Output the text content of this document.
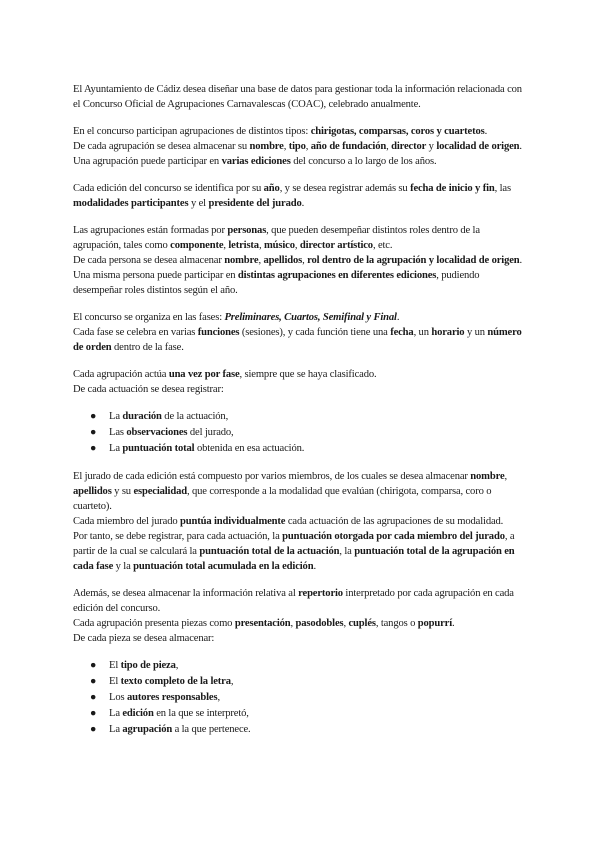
El Ayuntamiento de Cádiz desea diseñar una base de datos para gestionar toda la información relacionada con el Concurso Oficial de Agrupaciones Carnavalescas (COAC), celebrado anualmente.

En el concurso participan agrupaciones de distintos tipos: chirigotas, comparsas, coros y cuartetos.

De cada agrupación se desea almacenar su nombre, tipo, año de fundación, director y localidad de origen.

Una agrupación puede participar en varias ediciones del concurso a lo largo de los años.

Cada edición del concurso se identifica por su año, y se desea registrar además su fecha de inicio y fin, las modalidades participantes y el presidente del jurado.

Las agrupaciones están formadas por personas, que pueden desempeñar distintos roles dentro de la agrupación, tales como componente, letrista, músico, director artístico, etc.

De cada persona se desea almacenar nombre, apellidos, rol dentro de la agrupación y localidad de origen.

Una misma persona puede participar en distintas agrupaciones en diferentes ediciones, pudiendo desempeñar roles distintos según el año.

El concurso se organiza en las fases: Preliminares, Cuartos, Semifinal y Final.

Cada fase se celebra en varias funciones (sesiones), y cada función tiene una fecha, un horario y un número de orden dentro de la fase.

Cada agrupación actúa una vez por fase, siempre que se haya clasificado.

De cada actuación se desea registrar:

● La duración de la actuación,
● Las observaciones del jurado,
● La puntuación total obtenida en esa actuación.

El jurado de cada edición está compuesto por varios miembros, de los cuales se desea almacenar nombre, apellidos y su especialidad, que corresponde a la modalidad que evalúan (chirigota, comparsa, coro o cuarteto).

Cada miembro del jurado puntúa individualmente cada actuación de las agrupaciones de su modalidad.

Por tanto, se debe registrar, para cada actuación, la puntuación otorgada por cada miembro del jurado, a partir de la cual se calculará la puntuación total de la actuación, la puntuación total de la agrupación en cada fase y la puntuación total acumulada en la edición.

Además, se desea almacenar la información relativa al repertorio interpretado por cada agrupación en cada edición del concurso.

Cada agrupación presenta piezas como presentación, pasodobles, cuplés, tangos o popurrí.

De cada pieza se desea almacenar:

● El tipo de pieza,
● El texto completo de la letra,
● Los autores responsables,
● La edición en la que se interpretó,
● La agrupación a la que pertenece.
